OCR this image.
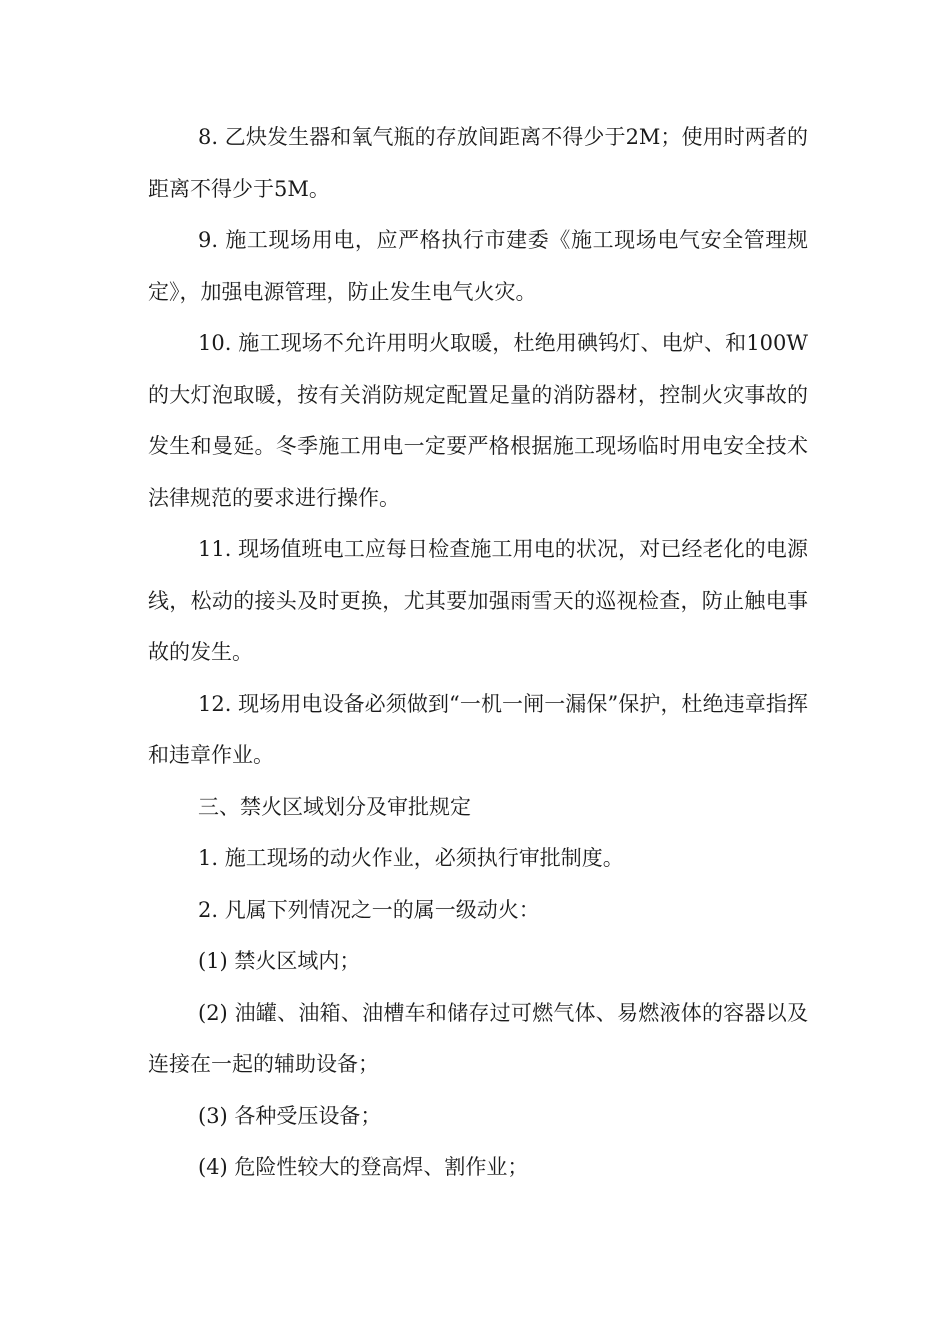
8. 乙炔发生器和氧气瓶的存放间距离不得少于2M；使用时两者的距离不得少于5M。

9. 施工现场用电，应严格执行市建委《施工现场电气安全管理规定》，加强电源管理，防止发生电气火灾。

10. 施工现场不允许用明火取暖，杜绝用碘钨灯、电炉、和100W的大灯泡取暖，按有关消防规定配置足量的消防器材，控制火灾事故的发生和曼延。冬季施工用电一定要严格根据施工现场临时用电安全技术法律规范的要求进行操作。

11. 现场值班电工应每日检查施工用电的状况，对已经老化的电源线，松动的接头及时更换，尤其要加强雨雪天的巡视检查，防止触电事故的发生。

12. 现场用电设备必须做到“一机一闸一漏保”保护，杜绝违章指挥和违章作业。

三、禁火区域划分及审批规定

1. 施工现场的动火作业，必须执行审批制度。

2. 凡属下列情况之一的属一级动火：

(1) 禁火区域内；

(2) 油罐、油箱、油槽车和储存过可燃气体、易燃液体的容器以及连接在一起的辅助设备；

(3) 各种受压设备；

(4) 危险性较大的登高焊、割作业；
